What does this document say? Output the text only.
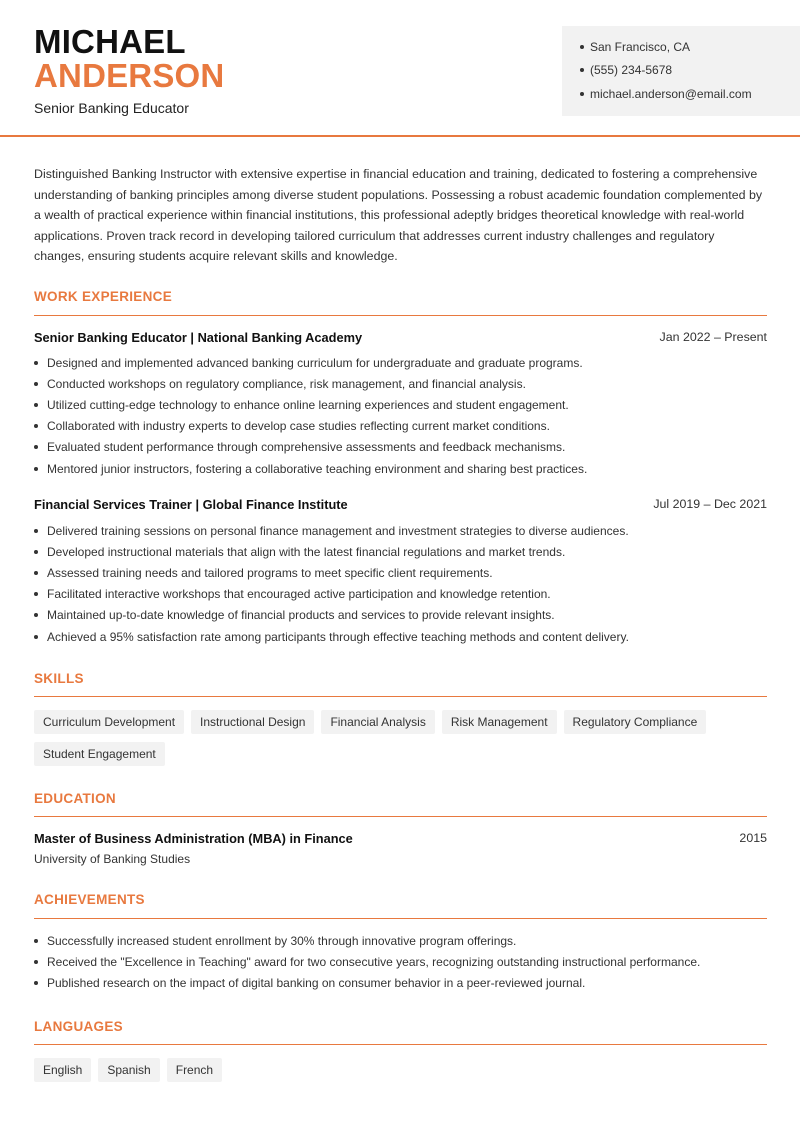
MICHAEL
ANDERSON
Senior Banking Educator
San Francisco, CA
(555) 234-5678
michael.anderson@email.com

Distinguished Banking Instructor with extensive expertise in financial education and training, dedicated to fostering a comprehensive understanding of banking principles among diverse student populations. Possessing a robust academic foundation complemented by a wealth of practical experience within financial institutions, this professional adeptly bridges theoretical knowledge with real-world applications. Proven track record in developing tailored curriculum that addresses current industry challenges and regulatory changes, ensuring students acquire relevant skills and knowledge.

WORK EXPERIENCE
Senior Banking Educator | National Banking Academy	Jan 2022 – Present
Designed and implemented advanced banking curriculum for undergraduate and graduate programs.
Conducted workshops on regulatory compliance, risk management, and financial analysis.
Utilized cutting-edge technology to enhance online learning experiences and student engagement.
Collaborated with industry experts to develop case studies reflecting current market conditions.
Evaluated student performance through comprehensive assessments and feedback mechanisms.
Mentored junior instructors, fostering a collaborative teaching environment and sharing best practices.
Financial Services Trainer | Global Finance Institute	Jul 2019 – Dec 2021
Delivered training sessions on personal finance management and investment strategies to diverse audiences.
Developed instructional materials that align with the latest financial regulations and market trends.
Assessed training needs and tailored programs to meet specific client requirements.
Facilitated interactive workshops that encouraged active participation and knowledge retention.
Maintained up-to-date knowledge of financial products and services to provide relevant insights.
Achieved a 95% satisfaction rate among participants through effective teaching methods and content delivery.
SKILLS
Curriculum Development	Instructional Design	Financial Analysis	Risk Management	Regulatory Compliance
Student Engagement
EDUCATION
Master of Business Administration (MBA) in Finance	2015
University of Banking Studies
ACHIEVEMENTS
Successfully increased student enrollment by 30% through innovative program offerings.
Received the "Excellence in Teaching" award for two consecutive years, recognizing outstanding instructional performance.
Published research on the impact of digital banking on consumer behavior in a peer-reviewed journal.
LANGUAGES
English	Spanish	French
